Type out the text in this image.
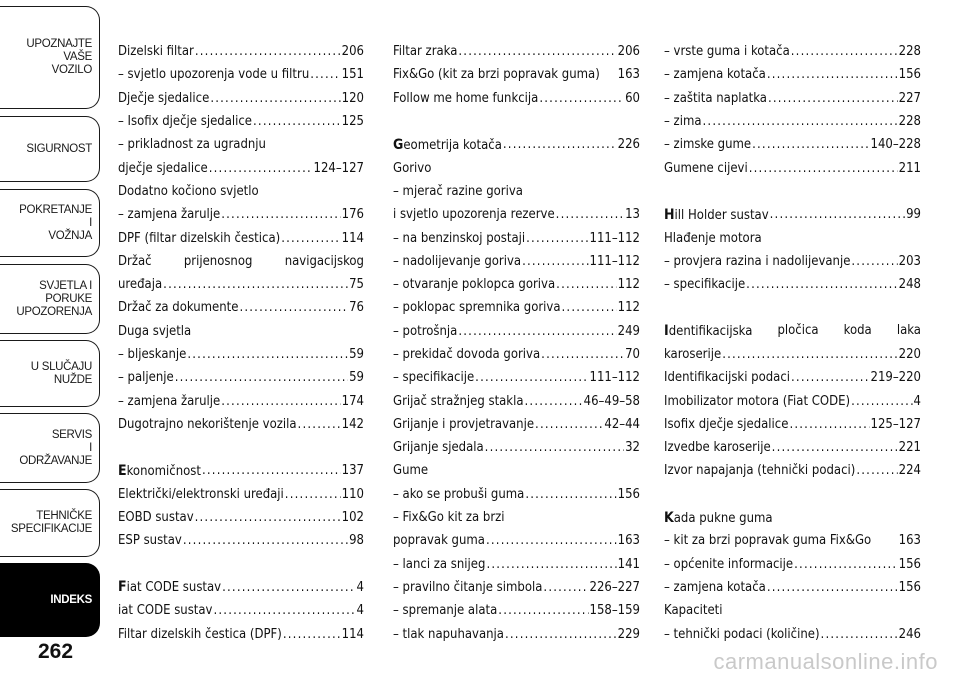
UPOZNAJTE
VAŠE
VOZILO
SIGURNOST
POKRETANJE
I
VOŽNJA
SVJETLA I
PORUKE
UPOZORENJA
U SLUČAJU
NUŽDE
SERVIS
I
ODRŽAVANJE
TEHNIČKE
SPECIFIKACIJE
INDEKS
262
Dizelski filtar .....	206
– svjetlo upozorenja vode u filtru ..... 151
Dječje sjedalice .....	120
– Isofix dječje sjedalice .....	125
– prikladnost za ugradnju
dječje sjedalice .....	124–127
Dodatno kočiono svjetlo
– zamjena žarulje .....	176
DPF (filtar dizelskih čestica) .....	114
Držač prijenosnog navigacijskog
uređaja .....	75
Držač za dokumente .....	76
Duga svjetla
– bljeskanje .....	59
– paljenje .....	59
– zamjena žarulje .....	174
Dugotrajno nekorištenje vozila .....	142
Ekonomičnost .....	137
Električki/elektronski uređaji .....	110
EOBD sustav .....	102
ESP sustav .....	98
Fiat CODE sustav .....	4
iat CODE sustav .....	4
Filtar dizelskih čestica (DPF) .....	114
Filtar zraka .....	206
Fix&Go (kit za brzi popravak guma) 163
Follow me home funkcija .....	60
Geometrija kotača .....	226
Gorivo
– mjerač razine goriva
i svjetlo upozorenja rezerve .....	13
– na benzinskoj postaji .....	111–112
– nadolijevanje goriva .....	111–112
– otvaranje poklopca goriva .....	112
– poklopac spremnika goriva .....	112
– potrošnja .....	249
– prekidač dovoda goriva .....	70
– specifikacije .....	111–112
Grijač stražnjeg stakla .....	46–49–58
Grijanje i provjetravanje .....	42–44
Grijanje sjedala .....	32
Gume
– ako se probuši guma .....	156
– Fix&Go kit za brzi
popravak guma .....	163
– lanci za snijeg .....	141
– pravilno čitanje simbola .....	226–227
– spremanje alata .....	158–159
– tlak napuhavanja .....	229
– vrste guma i kotača .....	228
– zamjena kotača .....	156
– zaštita naplatka .....	227
– zima .....	228
– zimske gume .....	140–228
Gumene cijevi .....	211
Hill Holder sustav .....	99
Hlađenje motora
– provjera razina i nadolijevanje .....	203
– specifikacije .....	248
Identifikacijska pločica koda laka
karoserije .....	220
Identifikacijski podaci .....	219–220
Imobilizator motora (Fiat CODE) .....	4
Isofix dječje sjedalice .....	125–127
Izvedbe karoserije .....	221
Izvor napajanja (tehnički podaci) .....	224
Kada pukne guma
– kit za brzi popravak guma Fix&Go 163
– općenite informacije .....	156
– zamjena kotača .....	156
Kapaciteti
– tehnički podaci (količine) .....	246
carmanualsonline.info
